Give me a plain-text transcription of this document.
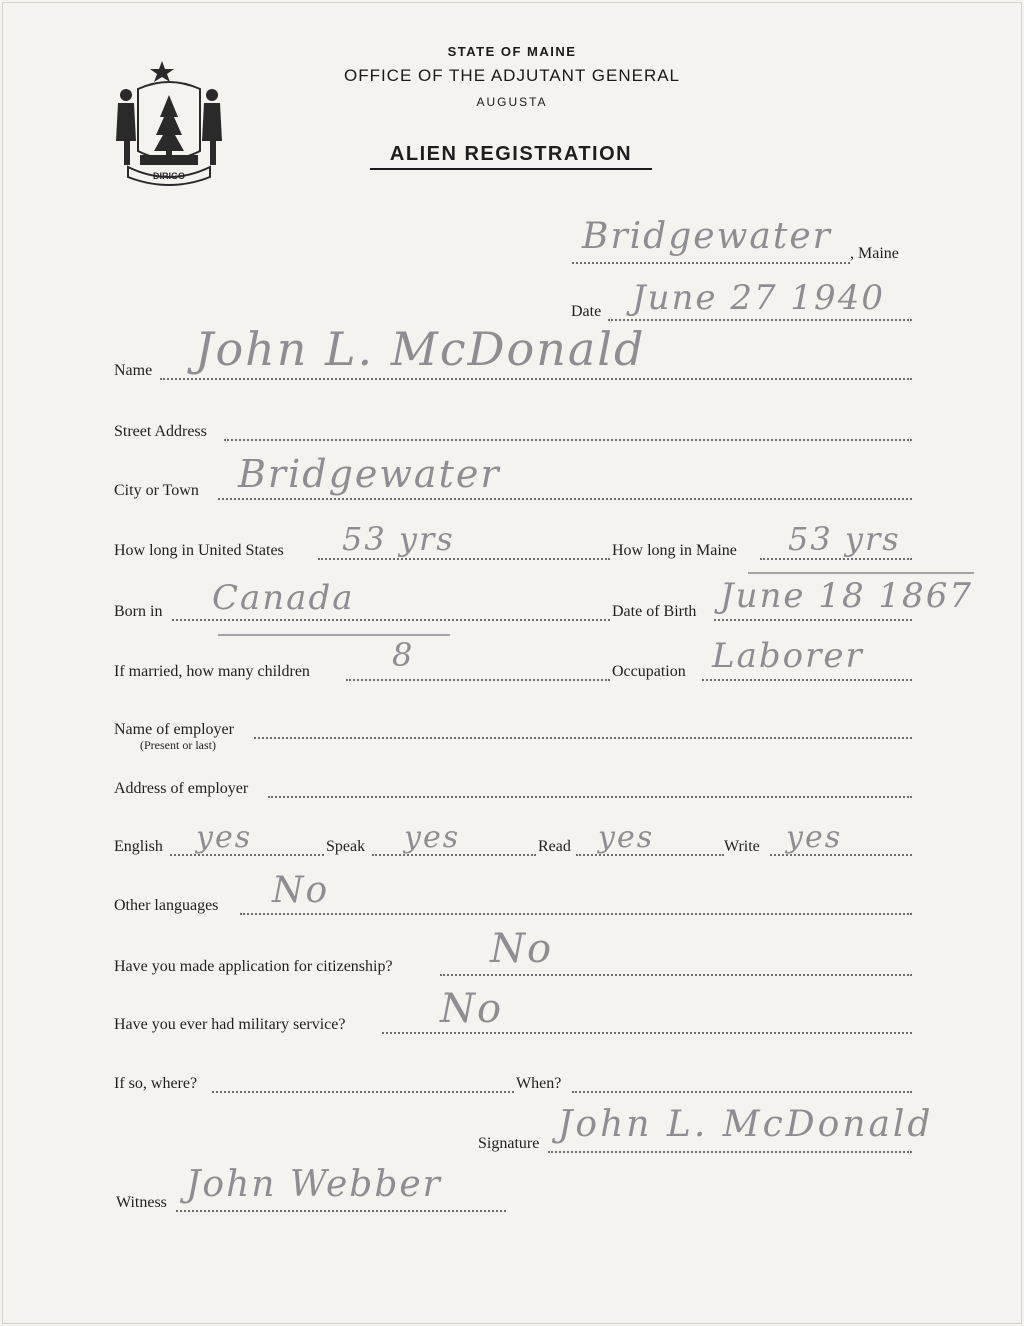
DIRIGO
STATE OF MAINE
OFFICE OF THE ADJUTANT GENERAL
AUGUSTA
ALIEN REGISTRATION
, Maine
Bridgewater
Date June 27 1940
Name John L. McDonald
Street Address
City or Town Bridgewater
How long in United States 53 yrs	How long in Maine 53 yrs
Born in Canada	Date of Birth June 18 1867
If married, how many children	8	Occupation Laborer
Name of employer
(Present or last)
Address of employer
English yes	Speak yes	Read yes	Write yes
Other languages No
Have you made application for citizenship? No
Have you ever had military service? No
If so, where?	When?
Signature John L. McDonald
Witness John Webber
